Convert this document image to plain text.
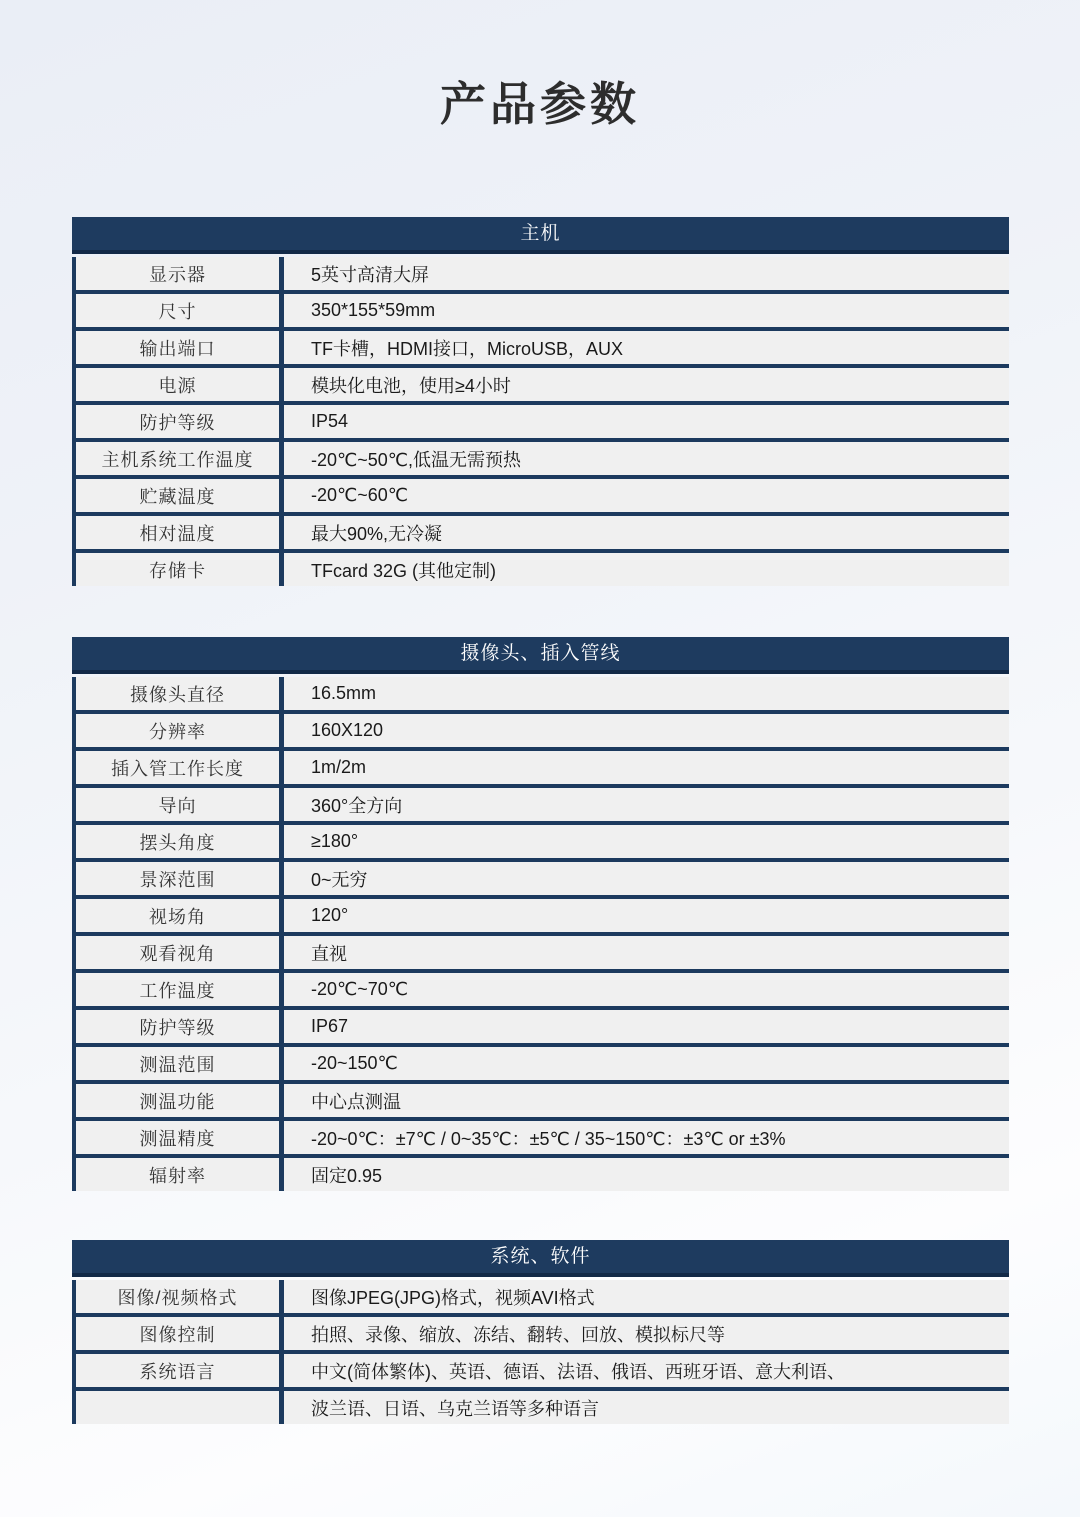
产品参数
主机
显示器	5英寸高清大屏
尺寸	350*155*59mm
输出端口	TF卡槽，HDMI接口，MicroUSB，AUX
电源	模块化电池，使用≥4小时
防护等级	IP54
主机系统工作温度	-20℃~50℃,低温无需预热
贮藏温度	-20℃~60℃
相对温度	最大90%,无冷凝
存储卡	TFcard 32G (其他定制)
摄像头、插入管线
摄像头直径	16.5mm
分辨率	160X120
插入管工作长度	1m/2m
导向	360°全方向
摆头角度	≥180°
景深范围	0~无穷
视场角	120°
观看视角	直视
工作温度	-20℃~70℃
防护等级	IP67
测温范围	-20~150℃
测温功能	中心点测温
测温精度	-20~0℃：±7℃ / 0~35℃：±5℃ / 35~150℃：±3℃ or ±3%
辐射率	固定0.95
系统、软件
图像/视频格式	图像JPEG(JPG)格式，视频AVI格式
图像控制	拍照、录像、缩放、冻结、翻转、回放、模拟标尺等
系统语言	中文(简体繁体)、英语、德语、法语、俄语、西班牙语、意大利语、
波兰语、日语、乌克兰语等多种语言
